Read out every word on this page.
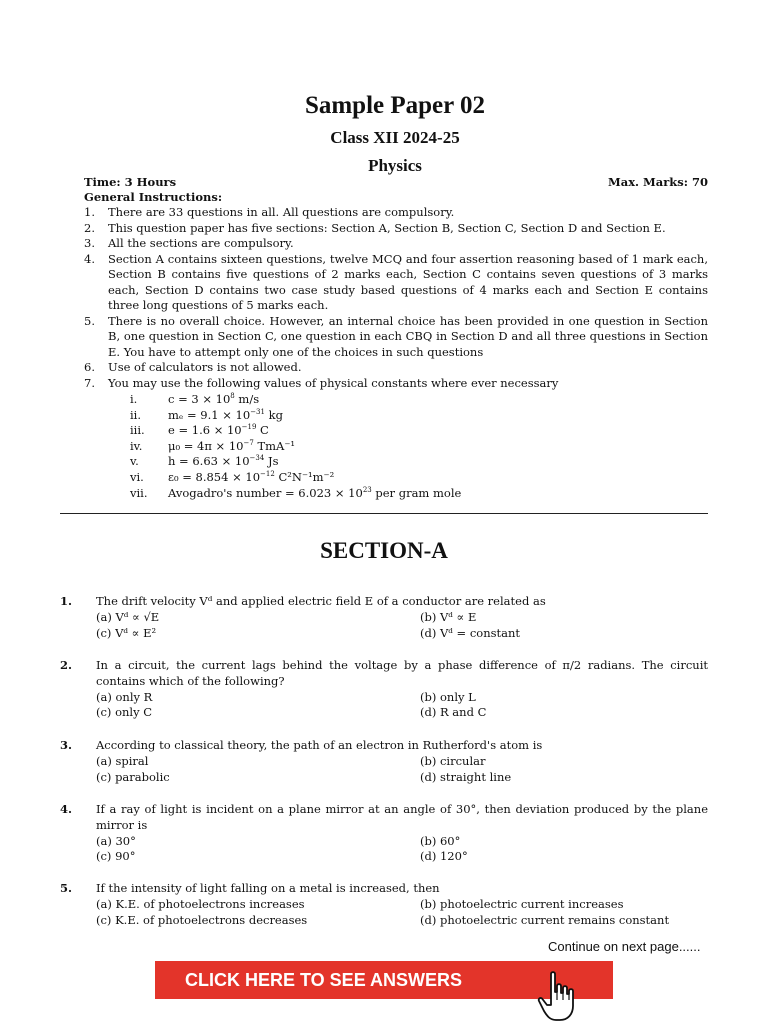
Sample Paper 02
Class XII 2024-25
Physics
Time: 3 Hours	Max. Marks: 70
General Instructions:
1. There are 33 questions in all. All questions are compulsory.
2. This question paper has five sections: Section A, Section B, Section C, Section D and Section E.
3. All the sections are compulsory.
4. Section A contains sixteen questions, twelve MCQ and four assertion reasoning based of 1 mark each, Section B contains five questions of 2 marks each, Section C contains seven questions of 3 marks each, Section D contains two case study based questions of 4 marks each and Section E contains three long questions of 5 marks each.
5. There is no overall choice. However, an internal choice has been provided in one question in Section B, one question in Section C, one question in each CBQ in Section D and all three questions in Section E. You have to attempt only one of the choices in such questions
6. Use of calculators is not allowed.
7. You may use the following values of physical constants where ever necessary
i.	$c = 3 \times 10^8$ m/s
ii. $m_e = 9.1 \times 10^{-31}$ kg
iii. $e = 1.6 \times 10^{-19}$ C
iv. $\mu_0 = 4\pi \times 10^{-7}$ TmA⁻¹
v.	$h = 6.63 \times 10^{-34}$ Js
vi. $\varepsilon_0 = 8.854 \times 10^{-12}$ C²N⁻¹m⁻²
vii. Avogadro's number = $6.023 \times 10^{23}$ per gram mole
SECTION-A
1. The drift velocity Vᵈ and applied electric field E of a conductor are related as
(a) Vᵈ ∝ √E	(b) Vᵈ ∝ E
(c) Vᵈ ∝ E²	(d) Vᵈ = constant
2. In a circuit, the current lags behind the voltage by a phase difference of π/2 radians. The circuit contains which of the following?
(a) only R	(b) only L
(c) only C	(d) R and C
3. According to classical theory, the path of an electron in Rutherford's atom is
(a) spiral	(b) circular
(c) parabolic	(d) straight line
4. If a ray of light is incident on a plane mirror at an angle of 30°, then deviation produced by the plane mirror is
(a) 30°	(b) 60°
(c) 90°	(d) 120°
5. If the intensity of light falling on a metal is increased, then
(a) K.E. of photoelectrons increases	(b) photoelectric current increases
(c) K.E. of photoelectrons decreases	(d) photoelectric current remains constant
Continue on next page......
CLICK HERE TO SEE ANSWERS
